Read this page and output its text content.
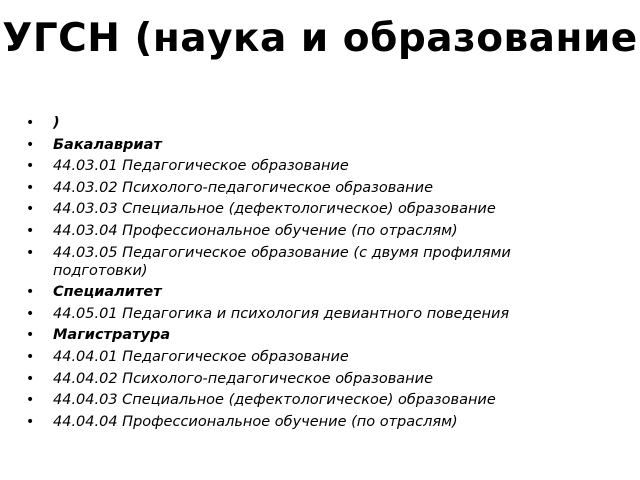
УГСН (наука и образование
• )
• Бакалавриат
• 44.03.01 Педагогическое образование
• 44.03.02 Психолого-педагогическое образование
• 44.03.03 Специальное (дефектологическое) образование
• 44.03.04 Профессиональное обучение (по отраслям)
• 44.03.05 Педагогическое образование (с двумя профилями подготовки)
• Специалитет
• 44.05.01 Педагогика и психология девиантного поведения
• Магистратура
• 44.04.01 Педагогическое образование
• 44.04.02 Психолого-педагогическое образование
• 44.04.03 Специальное (дефектологическое) образование
• 44.04.04 Профессиональное обучение (по отраслям)
